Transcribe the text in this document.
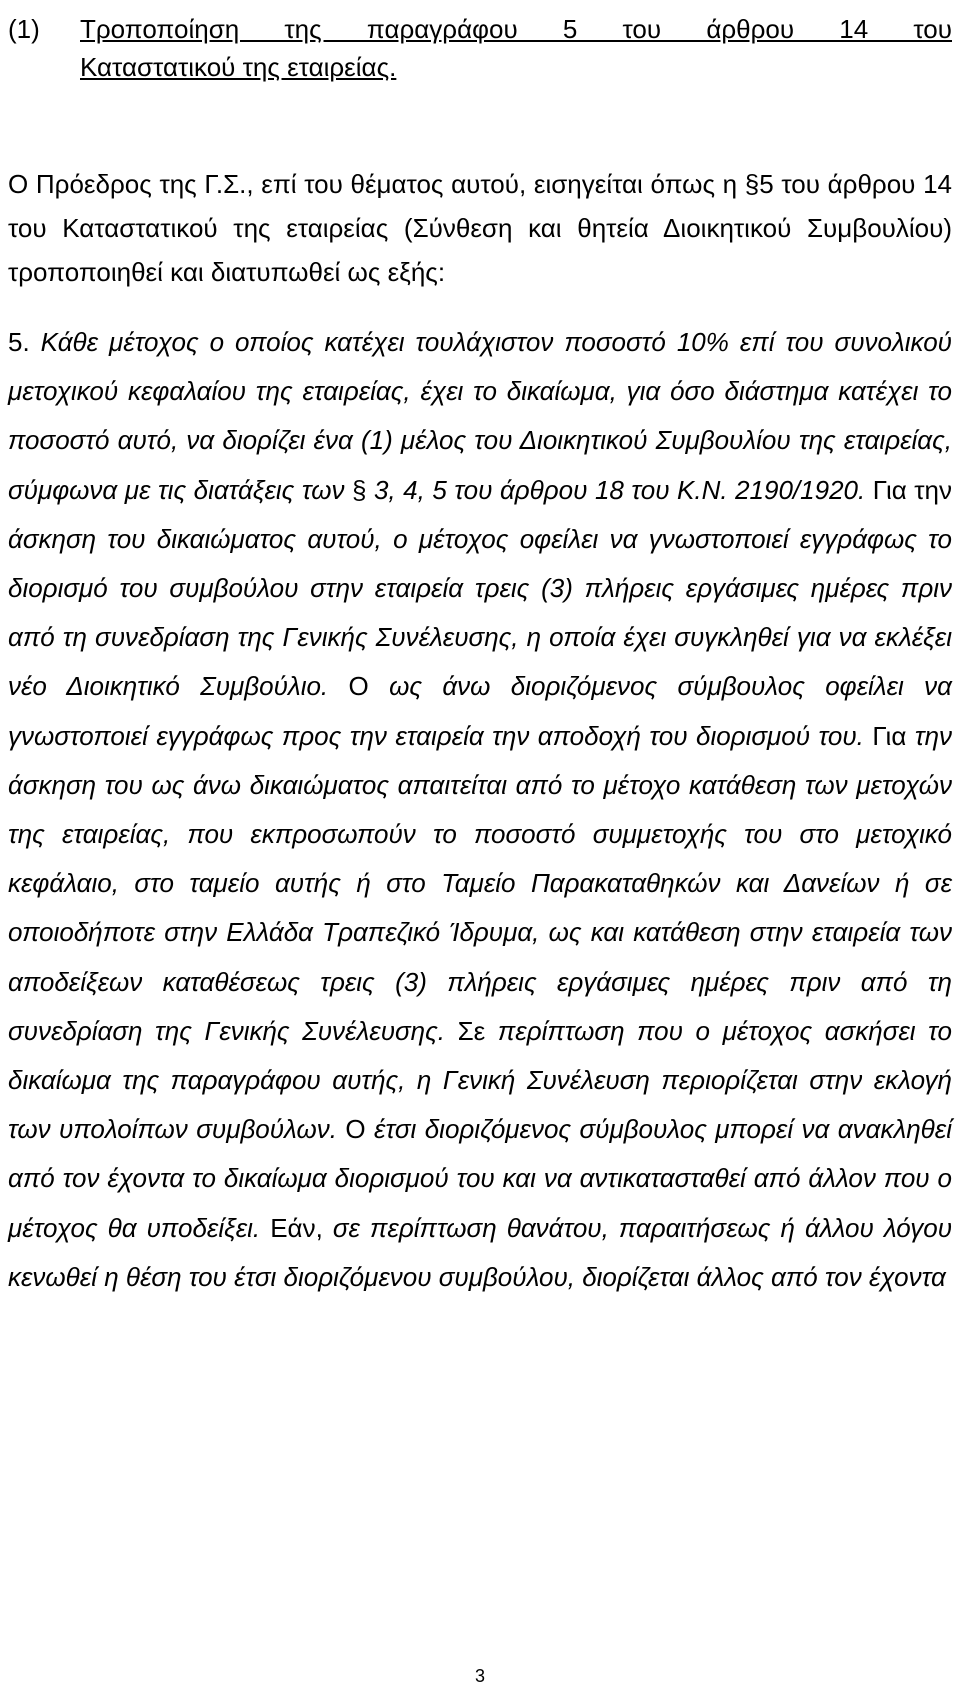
(1) Τροποποίηση της παραγράφου 5 του άρθρου 14 του
Καταστατικού της εταιρείας.
Ο Πρόεδρος της Γ.Σ., επί του θέματος αυτού, εισηγείται όπως η §5 του άρθρου 14 του Καταστατικού της εταιρείας (Σύνθεση και θητεία Διοικητικού Συμβουλίου) τροποποιηθεί και διατυπωθεί ως εξής:
5. Κάθε μέτοχος ο οποίος κατέχει τουλάχιστον ποσοστό 10% επί του συνολικού μετοχικού κεφαλαίου της εταιρείας, έχει το δικαίωμα, για όσο διάστημα κατέχει το ποσοστό αυτό, να διορίζει ένα (1) μέλος του Διοικητικού Συμβουλίου της εταιρείας, σύμφωνα με τις διατάξεις των § 3, 4, 5 του άρθρου 18 του Κ.Ν. 2190/1920. Για την άσκηση του δικαιώματος αυτού, ο μέτοχος οφείλει να γνωστοποιεί εγγράφως το διορισμό του συμβούλου στην εταιρεία τρεις (3) πλήρεις εργάσιμες ημέρες πριν από τη συνεδρίαση της Γενικής Συνέλευσης, η οποία έχει συγκληθεί για να εκλέξει νέο Διοικητικό Συμβούλιο. Ο ως άνω διοριζόμενος σύμβουλος οφείλει να γνωστοποιεί εγγράφως προς την εταιρεία την αποδοχή του διορισμού του. Για την άσκηση του ως άνω δικαιώματος απαιτείται από το μέτοχο κατάθεση των μετοχών της εταιρείας, που εκπροσωπούν το ποσοστό συμμετοχής του στο μετοχικό κεφάλαιο, στο ταμείο αυτής ή στο Ταμείο Παρακαταθηκών και Δανείων ή σε οποιοδήποτε στην Ελλάδα Τραπεζικό Ίδρυμα, ως και κατάθεση στην εταιρεία των αποδείξεων καταθέσεως τρεις (3) πλήρεις εργάσιμες ημέρες πριν από τη συνεδρίαση της Γενικής Συνέλευσης. Σε περίπτωση που ο μέτοχος ασκήσει το δικαίωμα της παραγράφου αυτής, η Γενική Συνέλευση περιορίζεται στην εκλογή των υπολοίπων συμβούλων. Ο έτσι διοριζόμενος σύμβουλος μπορεί να ανακληθεί από τον έχοντα το δικαίωμα διορισμού του και να αντικατασταθεί από άλλον που ο μέτοχος θα υποδείξει. Εάν, σε περίπτωση θανάτου, παραιτήσεως ή άλλου λόγου κενωθεί η θέση του έτσι διοριζόμενου συμβούλου, διορίζεται άλλος από τον έχοντα
3
